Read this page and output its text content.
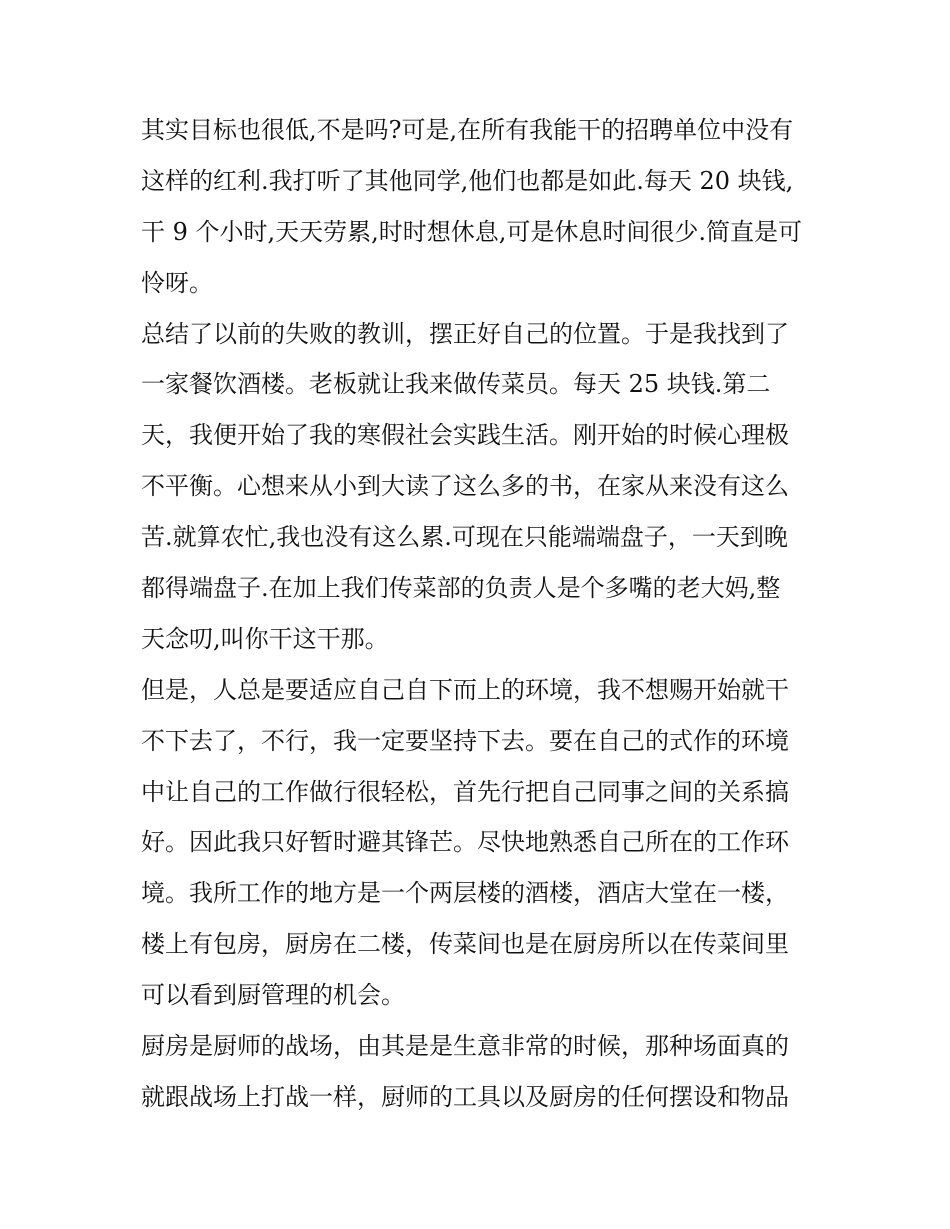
其实目标也很低,不是吗?可是,在所有我能干的招聘单位中没有
这样的红利.我打听了其他同学,他们也都是如此.每天 20 块钱,
干 9 个小时,天天劳累,时时想休息,可是休息时间很少.简直是可
怜呀。
总结了以前的失败的教训，摆正好自己的位置。于是我找到了
一家餐饮酒楼。老板就让我来做传菜员。每天 25 块钱.第二
天，我便开始了我的寒假社会实践生活。刚开始的时候心理极
不平衡。心想来从小到大读了这么多的书，在家从来没有这么
苦.就算农忙,我也没有这么累.可现在只能端端盘子，一天到晚
都得端盘子.在加上我们传菜部的负责人是个多嘴的老大妈,整
天念叨,叫你干这干那。
但是，人总是要适应自己自下而上的环境，我不想赐开始就干
不下去了，不行，我一定要坚持下去。要在自己的式作的环境
中让自己的工作做行很轻松，首先行把自己同事之间的关系搞
好。因此我只好暂时避其锋芒。尽快地熟悉自己所在的工作环
境。我所工作的地方是一个两层楼的酒楼，酒店大堂在一楼，
楼上有包房，厨房在二楼，传菜间也是在厨房所以在传菜间里
可以看到厨管理的机会。
厨房是厨师的战场，由其是是生意非常的时候，那种场面真的
就跟战场上打战一样，厨师的工具以及厨房的任何摆设和物品
